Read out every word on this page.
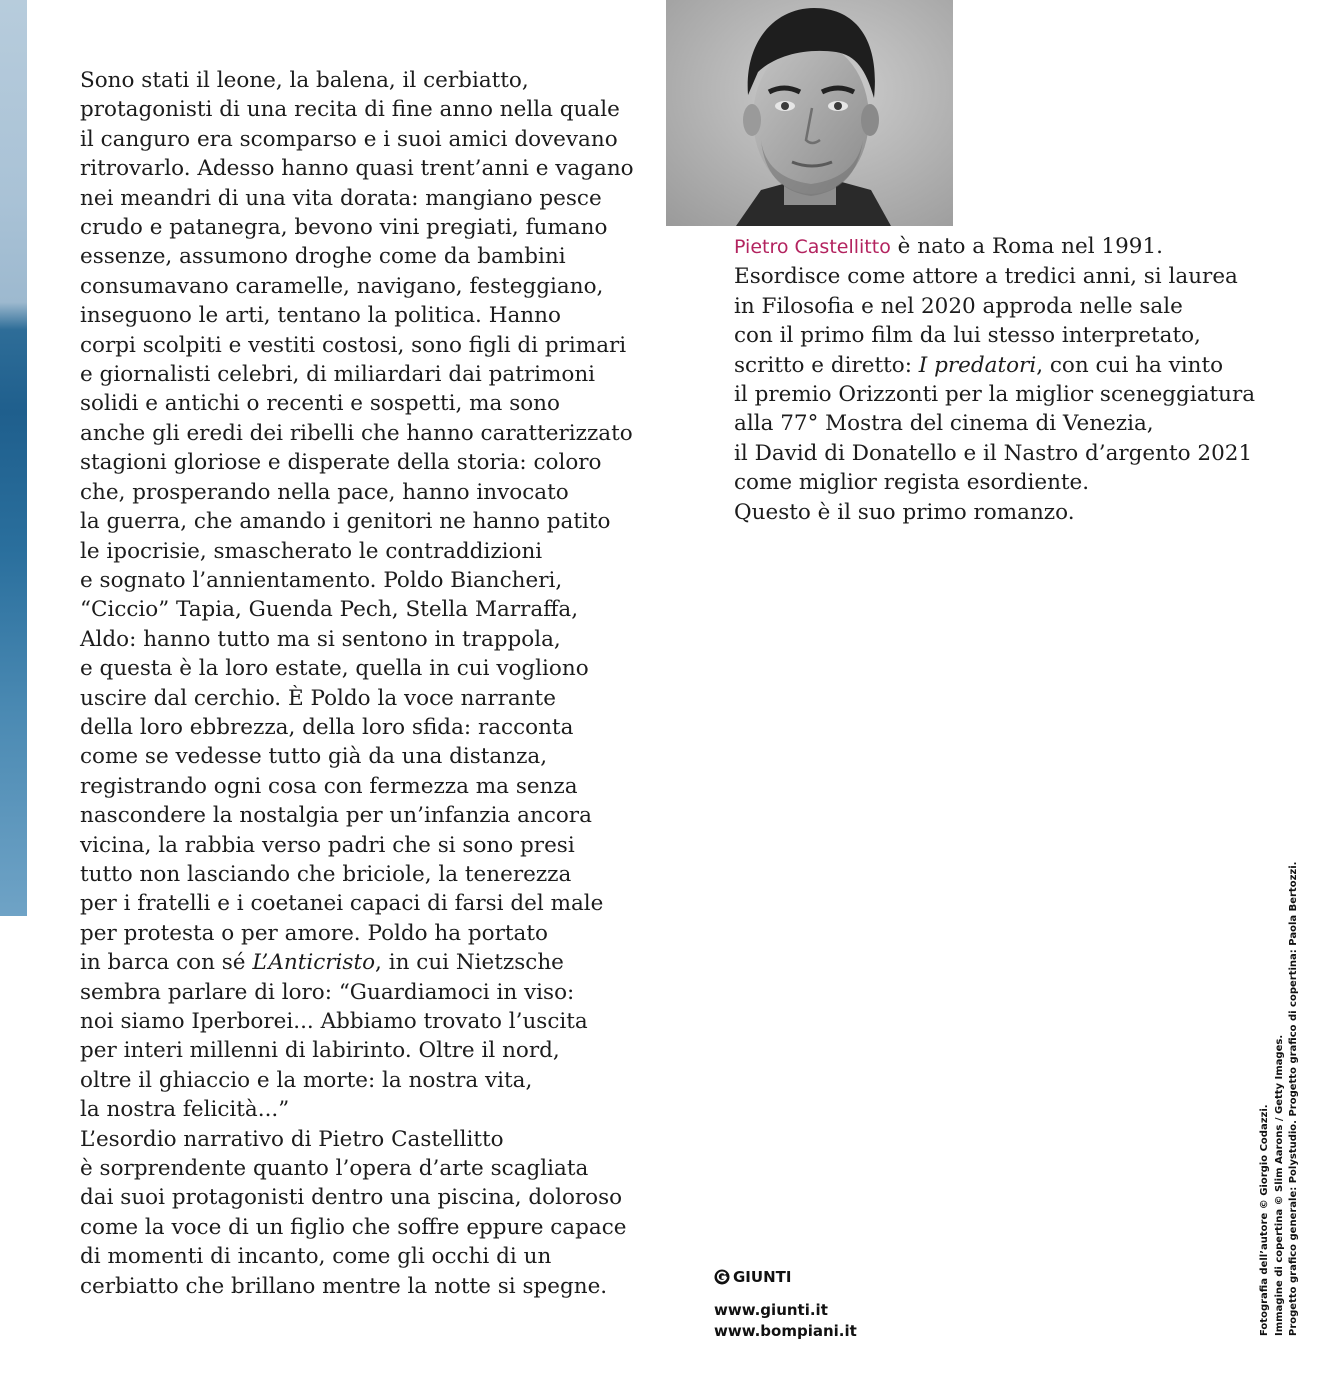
Sono stati il leone, la balena, il cerbiatto,
protagonisti di una recita di fine anno nella quale
il canguro era scomparso e i suoi amici dovevano
ritrovarlo. Adesso hanno quasi trent’anni e vagano
nei meandri di una vita dorata: mangiano pesce
crudo e patanegra, bevono vini pregiati, fumano
essenze, assumono droghe come da bambini
consumavano caramelle, navigano, festeggiano,
inseguono le arti, tentano la politica. Hanno
corpi scolpiti e vestiti costosi, sono figli di primari
e giornalisti celebri, di miliardari dai patrimoni
solidi e antichi o recenti e sospetti, ma sono
anche gli eredi dei ribelli che hanno caratterizzato
stagioni gloriose e disperate della storia: coloro
che, prosperando nella pace, hanno invocato
la guerra, che amando i genitori ne hanno patito
le ipocrisie, smascherato le contraddizioni
e sognato l’annientamento. Poldo Biancheri,
“Ciccio” Tapia, Guenda Pech, Stella Marraffa,
Aldo: hanno tutto ma si sentono in trappola,
e questa è la loro estate, quella in cui vogliono
uscire dal cerchio. È Poldo la voce narrante
della loro ebbrezza, della loro sfida: racconta
come se vedesse tutto già da una distanza,
registrando ogni cosa con fermezza ma senza
nascondere la nostalgia per un’infanzia ancora
vicina, la rabbia verso padri che si sono presi
tutto non lasciando che briciole, la tenerezza
per i fratelli e i coetanei capaci di farsi del male
per protesta o per amore. Poldo ha portato
in barca con sé L’Anticristo, in cui Nietzsche
sembra parlare di loro: “Guardiamoci in viso:
noi siamo Iperborei... Abbiamo trovato l’uscita
per interi millenni di labirinto. Oltre il nord,
oltre il ghiaccio e la morte: la nostra vita,
la nostra felicità...”
L’esordio narrativo di Pietro Castellitto
è sorprendente quanto l’opera d’arte scagliata
dai suoi protagonisti dentro una piscina, doloroso
come la voce di un figlio che soffre eppure capace
di momenti di incanto, come gli occhi di un
cerbiatto che brillano mentre la notte si spegne.
Pietro Castellitto è nato a Roma nel 1991.
Esordisce come attore a tredici anni, si laurea
in Filosofia e nel 2020 approda nelle sale
con il primo film da lui stesso interpretato,
scritto e diretto: I predatori, con cui ha vinto
il premio Orizzonti per la miglior sceneggiatura
alla 77° Mostra del cinema di Venezia,
il David di Donatello e il Nastro d’argento 2021
come miglior regista esordiente.
Questo è il suo primo romanzo.
GIUNTI
www.giunti.it
www.bompiani.it	Fotografia dell’autore © Giorgio Codazzi. Immagine di copertina © Slim Aarons / Getty Images. Progetto grafico generale: Polystudio. Progetto grafico di copertina: Paola Bertozzi.
